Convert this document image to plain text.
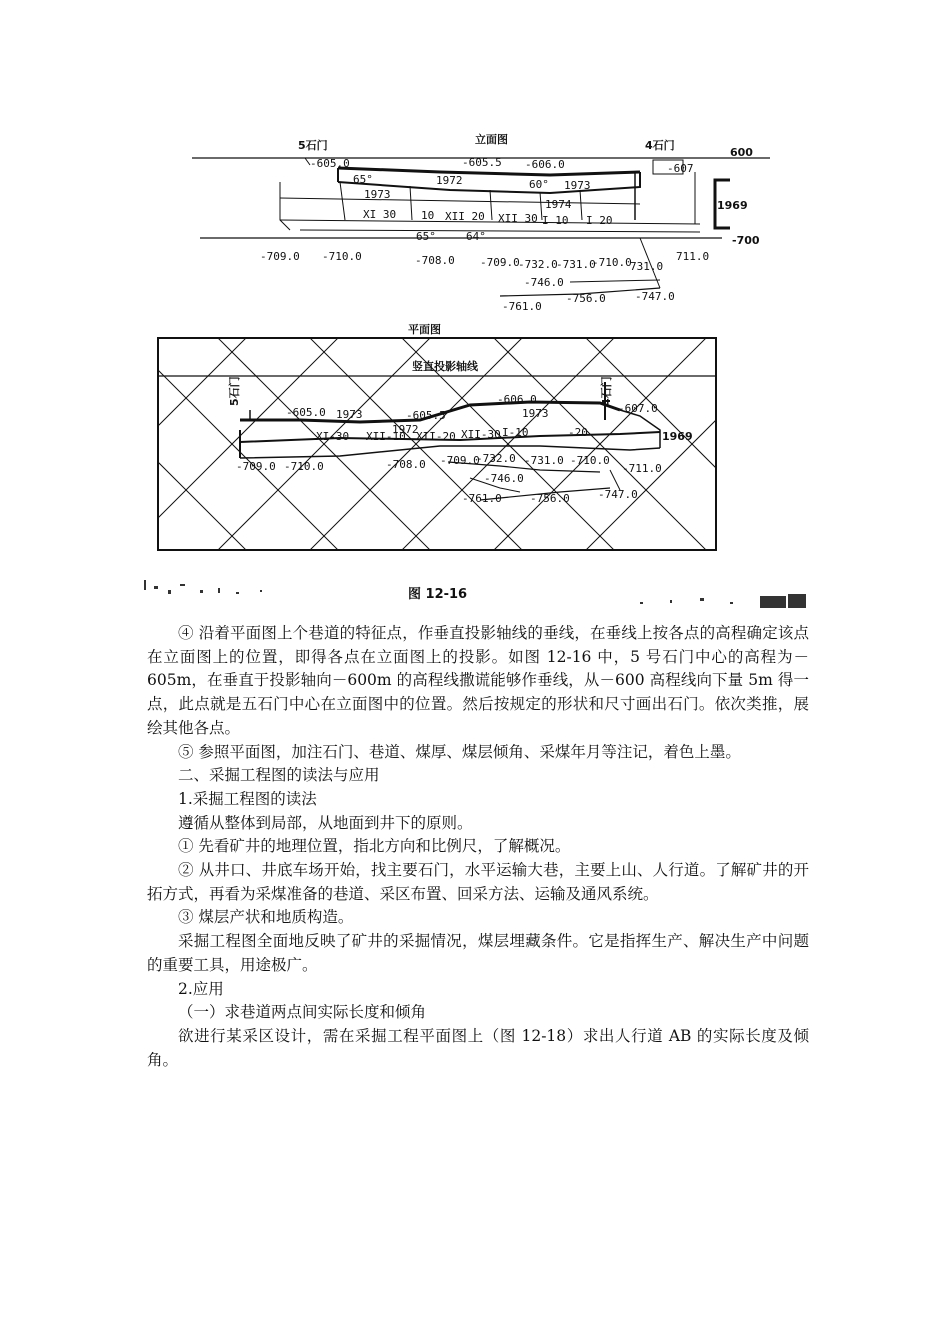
立面图
5石门	4石门
600
-700
-605.0	-605.5 -606.0	-607
1973
1972	1973
1974	1969
65°	60°
65°	64°
XI 30 10 XII 20 XII 30 I 10 I 20
-709.0 -710.0	-708.0 -709.0
-732.0
-731.0
-710.0
731.0
711.0
-746.0
-761.0
-756.0	-747.0
平面图
竖直投影轴线
5石门	4石门
-605.0 1973	-605.5
-606.0
-607.0
1973
1972
1969
XI-30 XII-10 XII-20 XII-30 I-10	-20
-709.0 -710.0	-708.0 -709.0
-732.0 -731.0 -710.0
-711.0
-746.0
-761.0	-756.0	-747.0
图 12-16

④ 沿着平面图上个巷道的特征点，作垂直投影轴线的垂线，在垂线上按各点的高程确定该点在立面图上的位置，即得各点在立面图上的投影。如图 12-16 中，5 号石门中心的高程为－605m，在垂直于投影轴向－600m 的高程线撒谎能够作垂线，从－600 高程线向下量 5m 得一点，此点就是五石门中心在立面图中的位置。然后按规定的形状和尺寸画出石门。依次类推，展绘其他各点。

⑤ 参照平面图，加注石门、巷道、煤厚、煤层倾角、采煤年月等注记，着色上墨。

二、采掘工程图的读法与应用

1.采掘工程图的读法

遵循从整体到局部，从地面到井下的原则。

① 先看矿井的地理位置，指北方向和比例尺，了解概况。

② 从井口、井底车场开始，找主要石门，水平运输大巷，主要上山、人行道。了解矿井的开拓方式，再看为采煤准备的巷道、采区布置、回采方法、运输及通风系统。

③ 煤层产状和地质构造。

采掘工程图全面地反映了矿井的采掘情况，煤层埋藏条件。它是指挥生产、解决生产中问题的重要工具，用途极广。

2.应用

（一）求巷道两点间实际长度和倾角

欲进行某采区设计，需在采掘工程平面图上（图 12-18）求出人行道 AB 的实际长度及倾角。
